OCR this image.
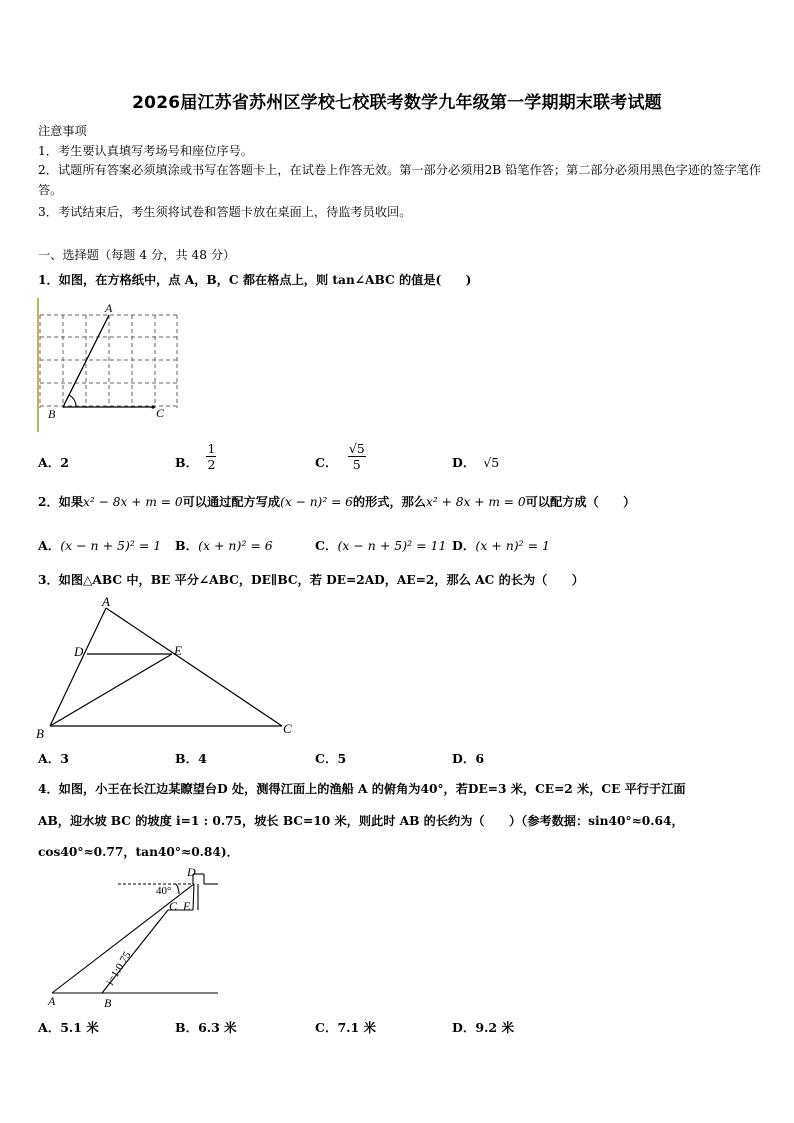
2026届江苏省苏州区学校七校联考数学九年级第一学期期末联考试题
注意事项
1．考生要认真填写考场号和座位序号。
2．试题所有答案必须填涂或书写在答题卡上，在试卷上作答无效。第一部分必须用2B 铅笔作答；第二部分必须用黑色字迹的签字笔作答。
3．考试结束后，考生须将试卷和答题卡放在桌面上，待监考员收回。
一、选择题（每题 4 分，共 48 分）
1．如图，在方格纸中，点 A，B，C 都在格点上，则 tan∠ABC 的值是(　　)
A
B	C
A．2	B． $\frac{1}{2}$	C． $\frac{√5}{5}$	D． √5
2．如果x² − 8x + m = 0可以通过配方写成(x − n)² = 6的形式，那么x² + 8x + m = 0可以配方成（　　）
A．(x − n + 5)² = 1 B．(x + n)² = 6	C．(x − n + 5)² = 11 D．(x + n)² = 1
3．如图△ABC 中，BE 平分∠ABC，DE∥BC，若 DE=2AD，AE=2，那么 AC 的长为（　　）
A
D	E
B	C
A．3	B．4	C．5	D．6
4．如图，小王在长江边某瞭望台D 处，测得江面上的渔船 A 的俯角为40°，若DE=3 米，CE=2 米，CE 平行于江面
AB，迎水坡 BC 的坡度 i=1 : 0.75，坡长 BC=10 米，则此时 AB 的长约为（　　）（参考数据：sin40°≈0.64，
cos40°≈0.77，tan40°≈0.84)．
D
40°
C E
A	B
i=1:0.75
A．5.1 米	B．6.3 米	C．7.1 米	D．9.2 米
